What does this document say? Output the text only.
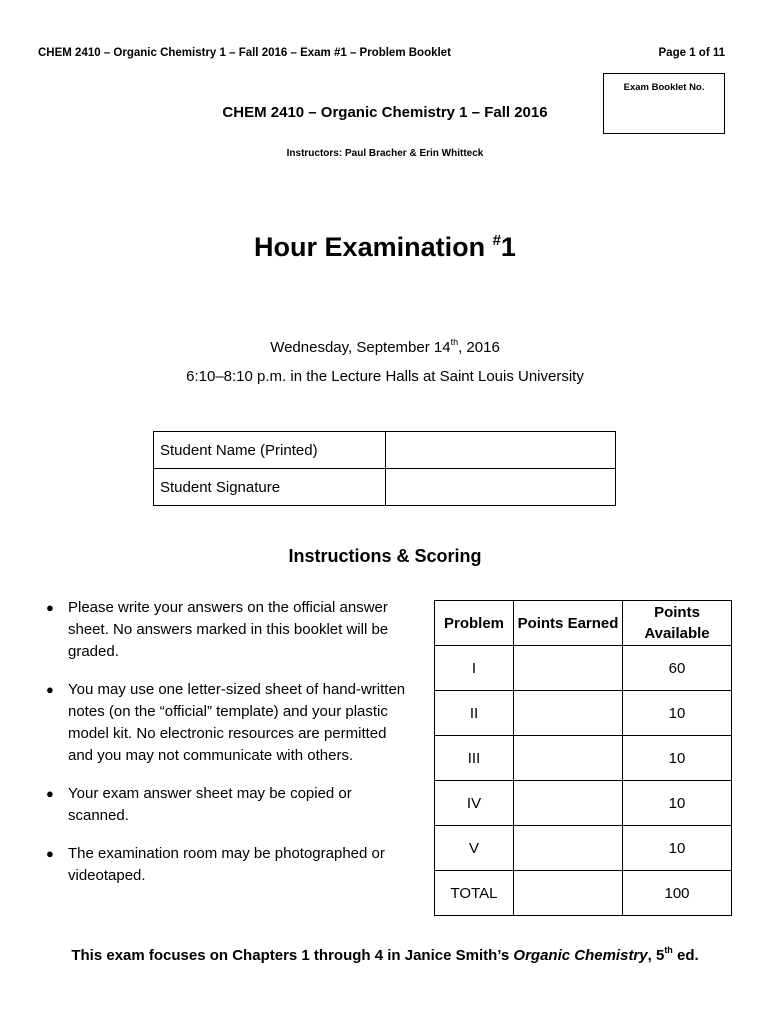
CHEM 2410 – Organic Chemistry 1 – Fall 2016 – Exam #1 – Problem Booklet	Page 1 of 11
Exam Booklet No.
CHEM 2410 – Organic Chemistry 1 – Fall 2016
Instructors: Paul Bracher & Erin Whitteck
Hour Examination #1
Wednesday, September 14th, 2016
6:10–8:10 p.m. in the Lecture Halls at Saint Louis University
Student Name (Printed)	
Student Signature	
Instructions & Scoring
● Please write your answers on the official answer sheet. No answers marked in this booklet will be graded.
● You may use one letter-sized sheet of hand-written notes (on the “official” template) and your plastic model kit. No electronic resources are permitted and you may not communicate with others.
● Your exam answer sheet may be copied or scanned.
● The examination room may be photographed or videotaped.
Problem	Points Earned	Points Available
I		60
II		10
III		10
IV		10
V		10
TOTAL		100
This exam focuses on Chapters 1 through 4 in Janice Smith’s Organic Chemistry, 5th ed.
